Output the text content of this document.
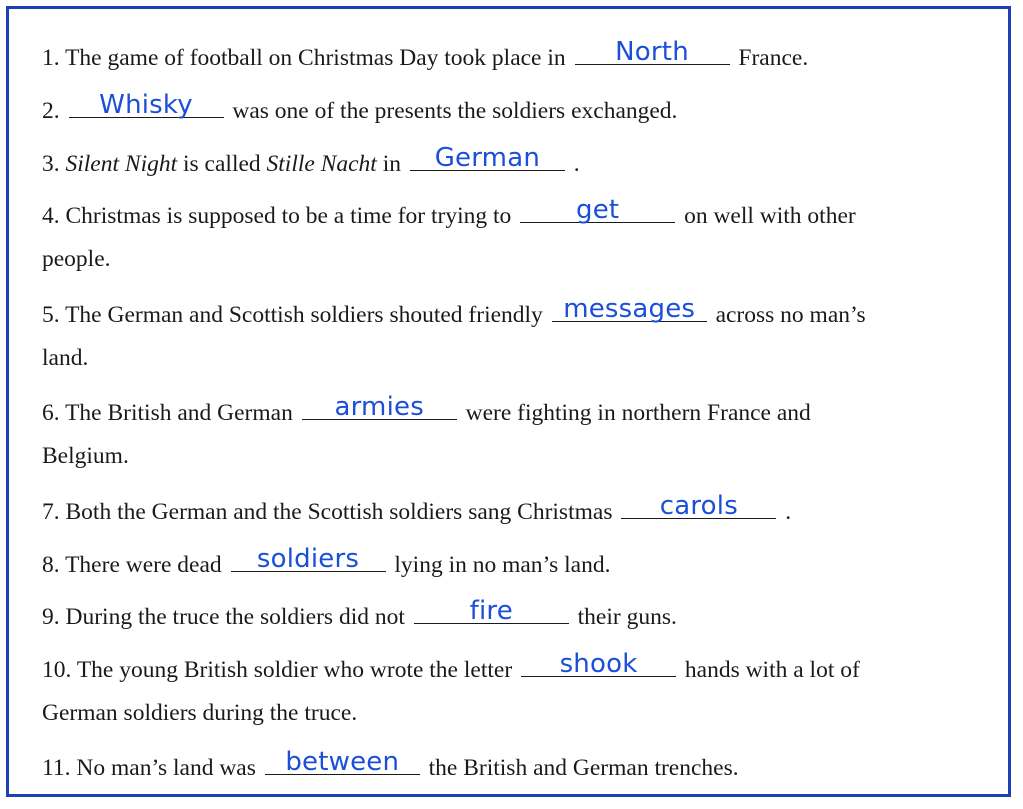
1. The game of football on Christmas Day took place in	North	France.

2.	Whisky	was one of the presents the soldiers exchanged.

3. Silent Night is called Stille Nacht in	German	.

4. Christmas is supposed to be a time for trying to	get	on well with other

people.

5. The German and Scottish soldiers shouted friendly messages across no man’s

land.

6. The British and German	armies	were fighting in northern France and

Belgium.

7. Both the German and the Scottish soldiers sang Christmas	carols	.

8. There were dead	soldiers	lying in no man’s land.

9. During the truce the soldiers did not	fire	their guns.

10. The young British soldier who wrote the letter	shook	hands with a lot of

German soldiers during the truce.

11. No man’s land was	between	the British and German trenches.
